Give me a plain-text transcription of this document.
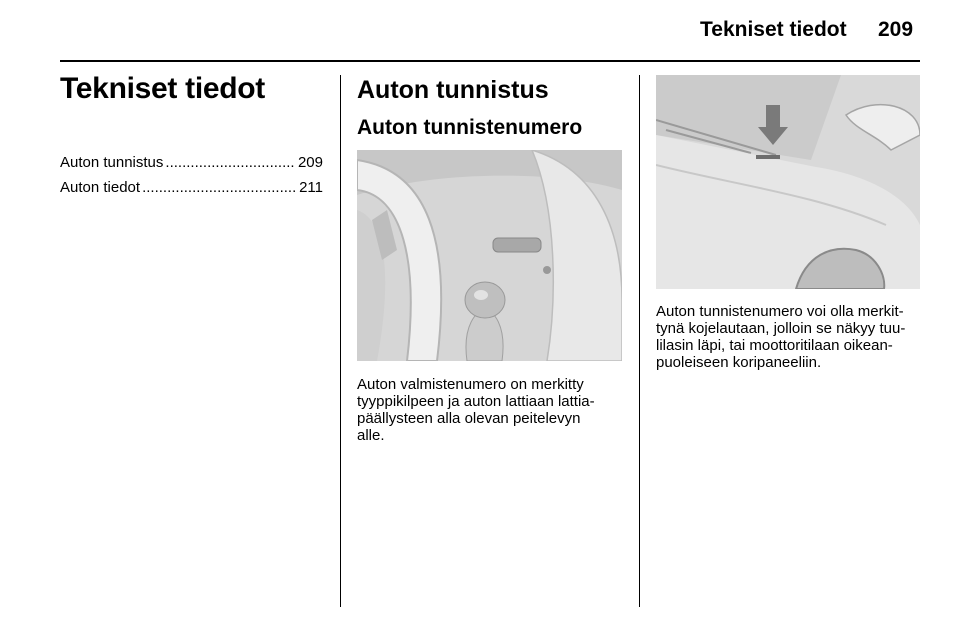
Tekniset tiedot 209
Tekniset tiedot
Auton tunnistus .....	209
Auton tiedot .....	211
Auton tunnistus
Auton tunnistenumero

Auton valmistenumero on merkitty
tyyppikilpeen ja auton lattiaan lattia-
päällysteen alla olevan peitelevyn
alle.

Auton tunnistenumero voi olla merkit-
tynä kojelautaan, jolloin se näkyy tuu-
lilasin läpi, tai moottoritilaan oikean-
puoleiseen koripaneeliin.
